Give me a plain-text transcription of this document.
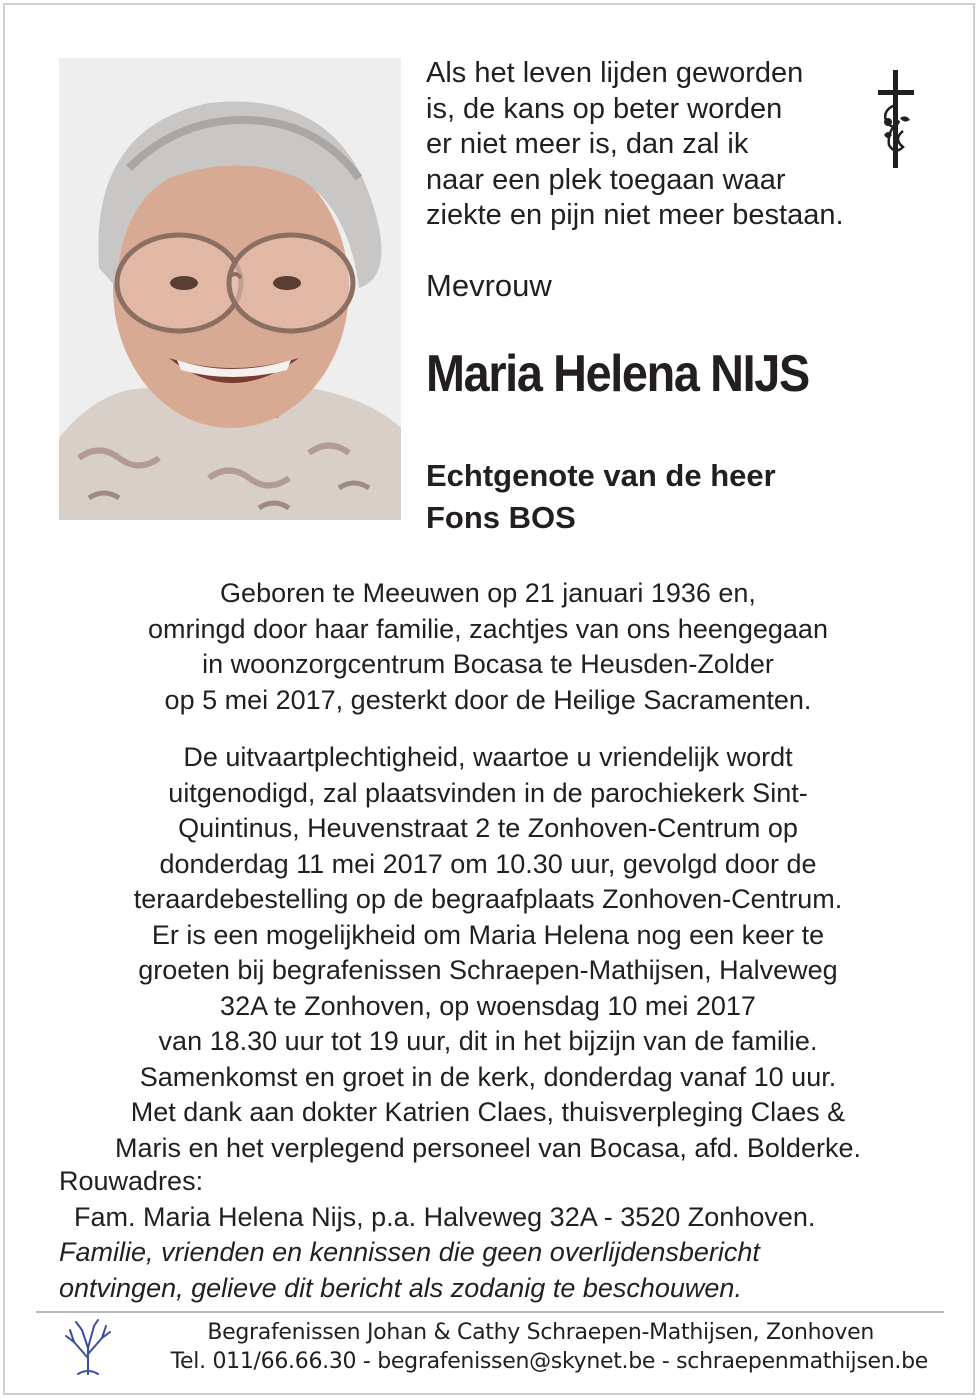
Als het leven lijden geworden
is, de kans op beter worden
er niet meer is, dan zal ik
naar een plek toegaan waar
ziekte en pijn niet meer bestaan.
Mevrouw
Maria Helena NIJS
Echtgenote van de heer
Fons BOS
Geboren te Meeuwen op 21 januari 1936 en,
omringd door haar familie, zachtjes van ons heengegaan
in woonzorgcentrum Bocasa te Heusden-Zolder
op 5 mei 2017, gesterkt door de Heilige Sacramenten.
De uitvaartplechtigheid, waartoe u vriendelijk wordt
uitgenodigd, zal plaatsvinden in de parochiekerk Sint-
Quintinus, Heuvenstraat 2 te Zonhoven-Centrum op
donderdag 11 mei 2017 om 10.30 uur, gevolgd door de
teraardebestelling op de begraafplaats Zonhoven-Centrum.
Er is een mogelijkheid om Maria Helena nog een keer te
groeten bij begrafenissen Schraepen-Mathijsen, Halveweg
32A te Zonhoven, op woensdag 10 mei 2017
van 18.30 uur tot 19 uur, dit in het bijzijn van de familie.
Samenkomst en groet in de kerk, donderdag vanaf 10 uur.
Met dank aan dokter Katrien Claes, thuisverpleging Claes &
Maris en het verplegend personeel van Bocasa, afd. Bolderke.
Rouwadres:
Fam. Maria Helena Nijs, p.a. Halveweg 32A - 3520 Zonhoven.
Familie, vrienden en kennissen die geen overlijdensbericht
ontvingen, gelieve dit bericht als zodanig te beschouwen.
Begrafenissen Johan & Cathy Schraepen-Mathijsen, Zonhoven
Tel. 011/66.66.30 - begrafenissen@skynet.be - schraepenmathijsen.be
